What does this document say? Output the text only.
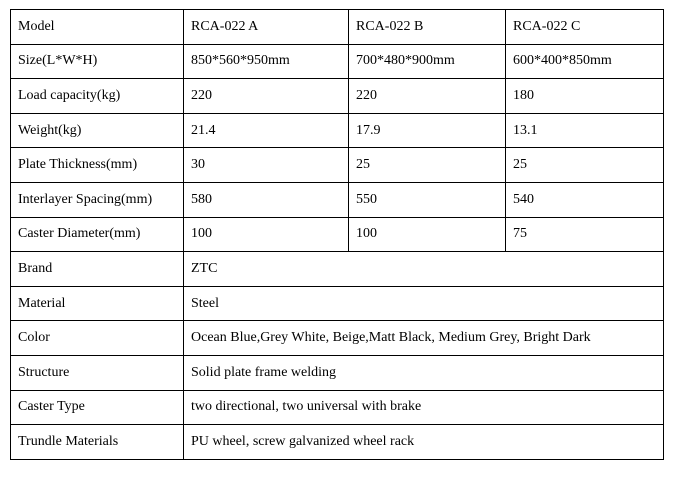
Model	RCA-022 A	RCA-022 B	RCA-022 C
Size(L*W*H)	850*560*950mm	700*480*900mm	600*400*850mm
Load capacity(kg)	220	220	180
Weight(kg)	21.4	17.9	13.1
Plate Thickness(mm)	30	25	25
Interlayer Spacing(mm)	580	550	540
Caster Diameter(mm)	100	100	75
Brand	ZTC		
Material	Steel		
Color	Ocean Blue,Grey White, Beige,Matt Black, Medium Grey, Bright Dark		
Structure	Solid plate frame welding		
Caster Type	two directional, two universal with brake		
Trundle Materials	PU wheel, screw galvanized wheel rack		
